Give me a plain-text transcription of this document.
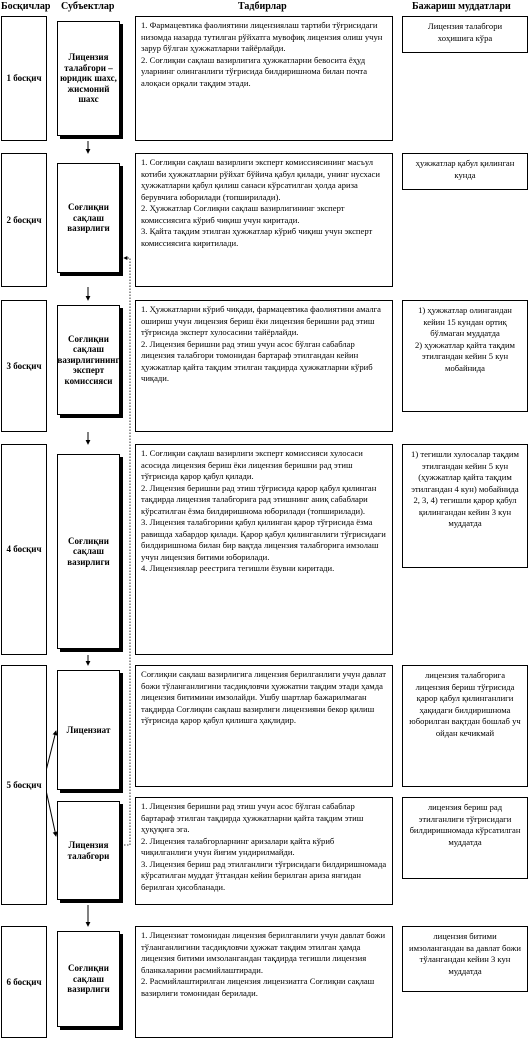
Босқичлар Субъектлар	Тадбирлар	Бажариш муддатлари
1 босқич
2 босқич
3 босқич
4 босқич
5 босқич
6 босқич
Лицензия талабгори – юридик шахс, жисмоний шахс
Соғлиқни сақлаш вазирлиги
Соғлиқни сақлаш вазирлигининг эксперт комиссияси
Соғлиқни сақлаш вазирлиги
Лицензиат
Лицензия талабгори
Соғлиқни сақлаш вазирлиги

1. Фармацевтика фаолиятини лицензиялаш тартиби тўғрисидаги низомда назарда тутилган рўйхатга мувофиқ лицензия олиш учун зарур бўлган ҳужжатларни тайёрлайди.

2. Соғлиқни сақлаш вазирлигига ҳужжатларни бевосита ёҳуд уларнинг олинганлиги тўғрисида билдиришнома билан почта алоқаси орқали тақдим этади.

1. Соғлиқни сақлаш вазирлиги эксперт комиссиясининг масъул котиби ҳужжатларни рўйхат бўйича қабул қилади, унинг нусхаси ҳужжатларни қабул қилиш санаси кўрсатилган ҳолда ариза берувчига юборилади (топширилади).

2. Ҳужжатлар Соғлиқни сақлаш вазирлигининг эксперт комиссиясига кўриб чиқиш учун киритади.

3. Қайта тақдим этилган ҳужжатлар кўриб чиқиш учун эксперт комиссиясига киритилади.

1. Ҳужжатларни кўриб чиқади, фармацевтика фаолиятини амалга ошириш учун лицензия бериш ёки лицензия беришни рад этиш тўғрисида эксперт хулосасини тайёрлайди.

2. Лицензия беришни рад этиш учун асос бўлган сабаблар лицензия талабгори томонидан бартараф этилгандан кейин ҳужжатлар қайта тақдим этилган тақдирда ҳужжатларни кўриб чиқади.

1. Соғлиқни сақлаш вазирлиги эксперт комиссияси хулосаси асосида лицензия бериш ёки лицензия беришни рад этиш тўғрисида қарор қабул қилади.

2. Лицензия беришни рад этиш тўғрисида қарор қабул қилинган тақдирда лицензия талабгорига рад этишнинг аниқ сабаблари кўрсатилган ёзма билдиришнома юборилади (топширилади).

3. Лицензия талабгорини қабул қилинган қарор тўғрисида ёзма равишда хабардор қилади. Қарор қабул қилинганлиги тўғрисидаги билдиришнома билан бир вақтда лицензия талабгорига имзолаш учун лицензия битими юборилади.

4. Лицензиялар реестрига тегишли ёзувни киритади.

Соғлиқни сақлаш вазирлигига лицензия берилганлиги учун давлат божи тўланганлигини тасдиқловчи ҳужжатни тақдим этади ҳамда лицензия битимини имзолайди. Ушбу шартлар бажарилмаган тақдирда Соғлиқни сақлаш вазирлиги лицензияни бекор қилиш тўғрисида қарор қабул қилишга ҳақлидир.

1. Лицензия беришни рад этиш учун асос бўлган сабаблар бартараф этилган тақдирда ҳужжатларни қайта тақдим этиш ҳуқуқига эга.

2. Лицензия талабгорларнинг аризалари қайта кўриб чиқилганлиги учун йиғим ундирилмайди.

3. Лицензия бериш рад этилганлиги тўғрисидаги билдиришномада кўрсатилган муддат ўтгандан кейин берилган ариза янгидан берилган ҳисобланади.

1. Лицензиат томонидан лицензия берилганлиги учун давлат божи тўланганлигини тасдиқловчи ҳужжат тақдим этилган ҳамда лицензия битими имзолангандан тақдирда тегишли лицензия бланкаларини расмийлаштиради.

2. Расмийлаштирилган лицензия лицензиатга Соғлиқни сақлаш вазирлиги томонидан берилади.

Лицензия талабгори хоҳишига кўра

ҳужжатлар қабул қилинган кунда

1) ҳужжатлар олингандан кейин 15 кундан ортиқ бўлмаган муддатда

2) ҳужжатлар қайта тақдим этилгандан кейин 5 кун мобайнида

1) тегишли хулосалар тақдим этилгандан кейин 5 кун (ҳужжатлар қайта тақдим этилгандан 4 кун) мобайнида

2, 3, 4) тегишли қарор қабул қилингандан кейин 3 кун муддатда

лицензия талабгорига лицензия бериш тўғрисида қарор қабул қилинганлиги ҳақидаги билдиришнома юборилган вақтдан бошлаб уч ойдан кечикмай

лицензия бериш рад этилганлиги тўғрисидаги билдиришномада кўрсатилган муддатда

лицензия битими имзолангандан ва давлат божи тўлангандан кейин 3 кун муддатда
